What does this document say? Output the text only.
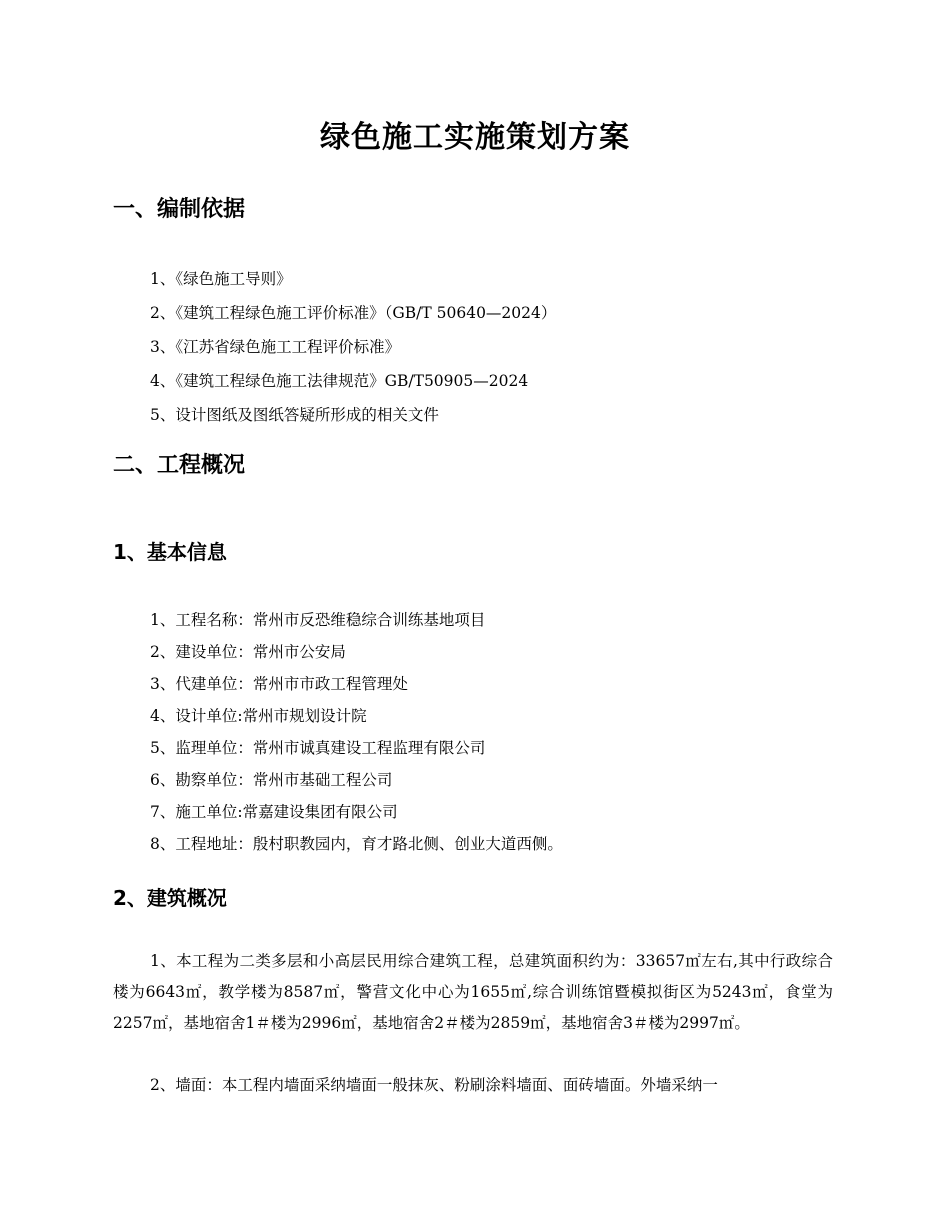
绿色施工实施策划方案
一、编制依据
1、《绿色施工导则》
2、《建筑工程绿色施工评价标准》（GB/T 50640—2024）
3、《江苏省绿色施工工程评价标准》
4、《建筑工程绿色施工法律规范》GB/T50905—2024
5、设计图纸及图纸答疑所形成的相关文件
二、工程概况
1、基本信息
1、工程名称：常州市反恐维稳综合训练基地项目
2、建设单位：常州市公安局
3、代建单位：常州市市政工程管理处
4、设计单位:常州市规划设计院
5、监理单位：常州市诚真建设工程监理有限公司
6、勘察单位：常州市基础工程公司
7、施工单位:常嘉建设集团有限公司
8、工程地址：殷村职教园内，育才路北侧、创业大道西侧。
2、建筑概况

1、本工程为二类多层和小高层民用综合建筑工程，总建筑面积约为：33657㎡左右,其中行政综合楼为6643㎡，教学楼为8587㎡，警营文化中心为1655㎡,综合训练馆暨模拟街区为5243㎡，食堂为2257㎡，基地宿舍1＃楼为2996㎡，基地宿舍2＃楼为2859㎡，基地宿舍3＃楼为2997㎡。

2、墙面：本工程内墙面采纳墙面一般抹灰、粉刷涂料墙面、面砖墙面。外墙采纳一
